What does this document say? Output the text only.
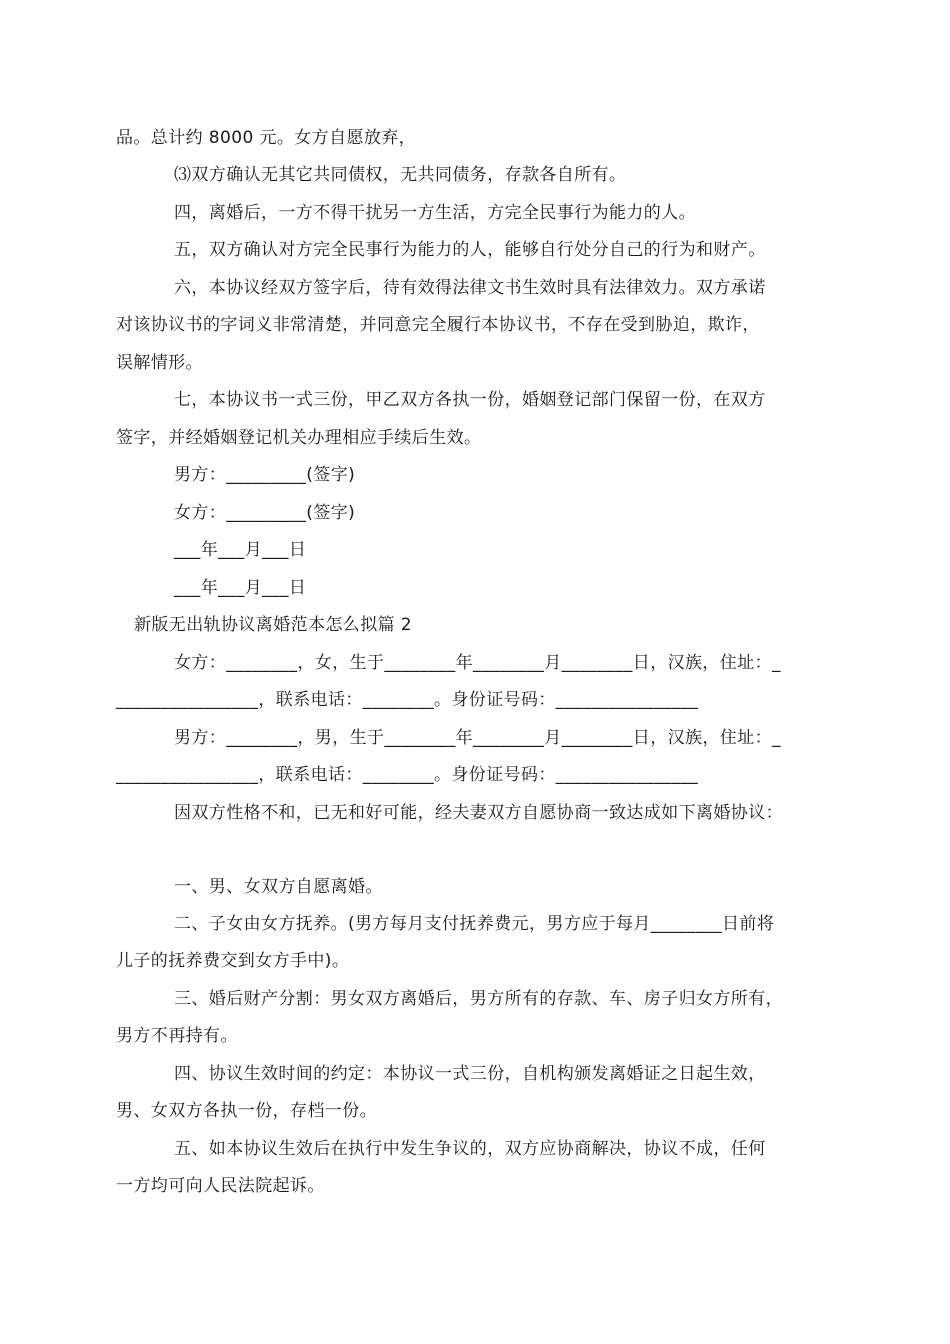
品。总计约 8000 元。女方自愿放弃，
⑶双方确认无其它共同债权，无共同债务，存款各自所有。
四，离婚后，一方不得干扰另一方生活，方完全民事行为能力的人。
五，双方确认对方完全民事行为能力的人，能够自行处分自己的行为和财产。
六，本协议经双方签字后，待有效得法律文书生效时具有法律效力。双方承诺
对该协议书的字词义非常清楚，并同意完全履行本协议书，不存在受到胁迫，欺诈，
误解情形。
七，本协议书一式三份，甲乙双方各执一份，婚姻登记部门保留一份，在双方
签字，并经婚姻登记机关办理相应手续后生效。
男方：_________(签字)
女方：_________(签字)
___年___月___日
___年___月___日
新版无出轨协议离婚范本怎么拟篇 2
女方：________，女，生于________年________月________日，汉族，住址：_
________________，联系电话：________。身份证号码：________________
男方：________，男，生于________年________月________日，汉族，住址：_
________________，联系电话：________。身份证号码：________________
因双方性格不和，已无和好可能，经夫妻双方自愿协商一致达成如下离婚协议：
一、男、女双方自愿离婚。
二、子女由女方抚养。(男方每月支付抚养费元，男方应于每月________日前将
儿子的抚养费交到女方手中)。
三、婚后财产分割：男女双方离婚后，男方所有的存款、车、房子归女方所有，
男方不再持有。
四、协议生效时间的约定：本协议一式三份，自机构颁发离婚证之日起生效，
男、女双方各执一份，存档一份。
五、如本协议生效后在执行中发生争议的，双方应协商解决，协议不成，任何
一方均可向人民法院起诉。
